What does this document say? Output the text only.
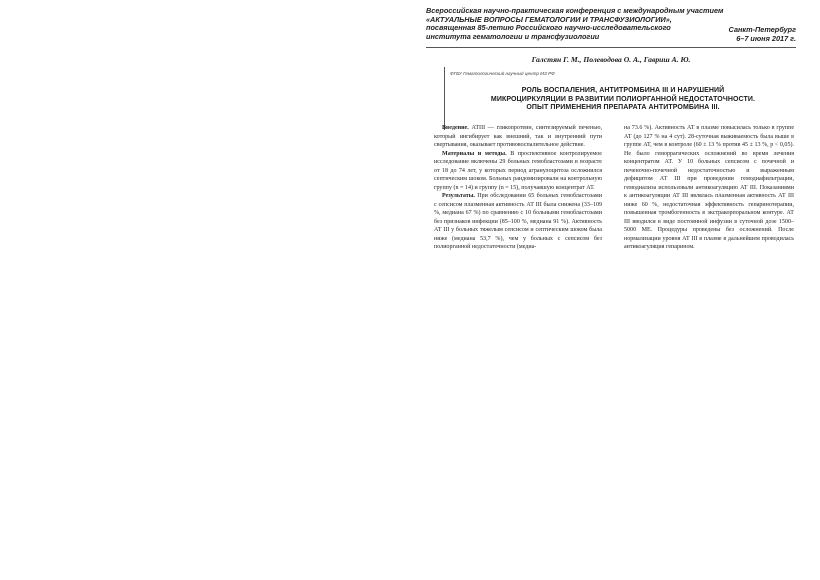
Всероссийская научно-практическая конференция с международным участием
«АКТУАЛЬНЫЕ ВОПРОСЫ ГЕМАТОЛОГИИ И ТРАНСФУЗИОЛОГИИ»,
посвященная 85-летию Российского научно-исследовательского
института гематологии и трансфузиологии
Санкт-Петербург
6–7 июня 2017 г.
Галстян Г. М., Полеводова О. А., Гавриш А. Ю.
ФГБУ Гематологический научный центр МЗ РФ
РОЛЬ ВОСПАЛЕНИЯ, АНТИТРОМБИНА III И НАРУШЕНИЙ
МИКРОЦИРКУЛЯЦИИ В РАЗВИТИИ ПОЛИОРГАННОЙ НЕДОСТАТОЧНОСТИ.
ОПЫТ ПРИМЕНЕНИЯ ПРЕПАРАТА АНТИТРОМБИНА III.

Введение. АТIII — гликопротеин, синтезируемый печенью, который ингибирует как внешний, так и внутренний пути свертывания, оказывает противовоспалительное действие.

Материалы и методы. В проспективное контролируемое исследование включены 29 больных гемобластозами в возрасте от 18 до 74 лет, у которых период агранулоцитоза осложнился септическим шоком. Больных рандомизировали на контрольную группу (n = 14) и группу (n = 15), получавшую концентрат АТ.

Результаты. При обследовании 65 больных гемобластозами с сепсисом плазменная активность АТ III была снижена (33–109 %, медиана 67 %) по сравнению с 10 больными гемобластозами без признаков инфекции (85–100 %, медиана 91 %). Активность АТ III у больных тяжелым сепсисом и септическим шоком была ниже (медиана 53,7 %), чем у больных с сепсисом без полиорганной недостаточности (медиа-

на 73.6 %). Активность АТ в плазме повысилась только в группе АТ (до 127 % на 4 сут). 28-суточная выживаемость была выше в группе АТ, чем в контроле (60 ± 13 % против 45 ± 13 %, р < 0,05). Не было геморрагических осложнений во время лечения концентратом АТ. У 10 больных сепсисом с почечной и печеночно-почечной недостаточностью и выраженным дефицитом АТ III при проведении гемодиафильтрации, гемодиализа использовали антикоагуляцию АТ III. Показаниями к антикоагуляции АТ III являлась плазменная активность АТ III ниже 60 %, недостаточная эффективность гепаринотерапии, повышенная тромбогенность в экстракорпоральном контуре. АТ III вводился в виде постоянной инфузии в суточной дозе 1500–5000 МЕ. Процедуры проведены без осложнений. После нормализации уровня АТ III в плазме в дальнейшем проводилась антикоагуляция гепарином.
